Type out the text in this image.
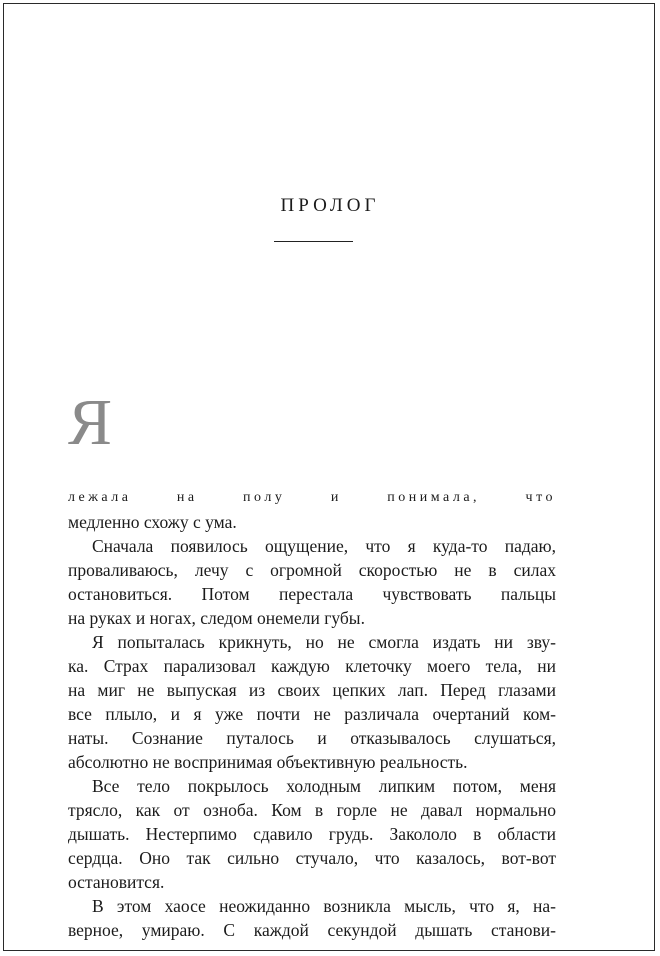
ПРОЛОГ
Я
лежала на полу и понимала, что
медленно схожу с ума.
Сначала появилось ощущение, что я куда-то падаю,
проваливаюсь, лечу с огромной скоростью не в силах
остановиться. Потом перестала чувствовать пальцы
на руках и ногах, следом онемели губы.
Я попыталась крикнуть, но не смогла издать ни зву-
ка. Страх парализовал каждую клеточку моего тела, ни
на миг не выпуская из своих цепких лап. Перед глазами
все плыло, и я уже почти не различала очертаний ком-
наты. Сознание путалось и отказывалось слушаться,
абсолютно не воспринимая объективную реальность.
Все тело покрылось холодным липким потом, меня
трясло, как от озноба. Ком в горле не давал нормально
дышать. Нестерпимо сдавило грудь. Закололо в области
сердца. Оно так сильно стучало, что казалось, вот-вот
остановится.
В этом хаосе неожиданно возникла мысль, что я, на-
верное, умираю. С каждой секундой дышать станови-
